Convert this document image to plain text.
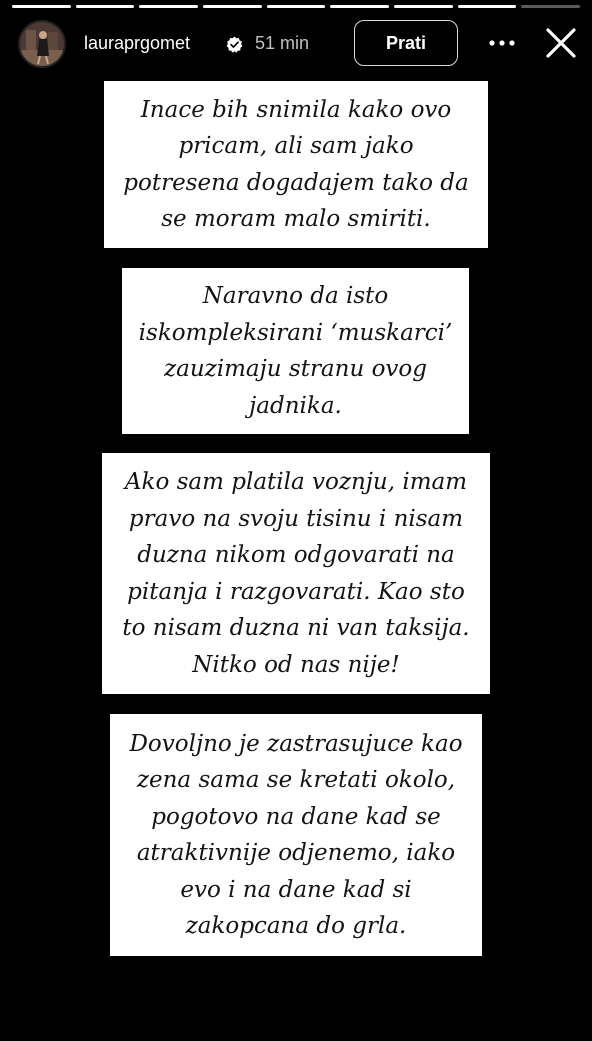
lauraprgomet	51 min	Prati
Inace bih snimila kako ovo
pricam, ali sam jako
potresena dogadajem tako da
se moram malo smiriti.
Naravno da isto
iskompleksirani ‘muskarci’
zauzimaju stranu ovog
jadnika.
Ako sam platila voznju, imam
pravo na svoju tisinu i nisam
duzna nikom odgovarati na
pitanja i razgovarati. Kao sto
to nisam duzna ni van taksija.
Nitko od nas nije!
Dovoljno je zastrasujuce kao
zena sama se kretati okolo,
pogotovo na dane kad se
atraktivnije odjenemo, iako
evo i na dane kad si
zakopcana do grla.
